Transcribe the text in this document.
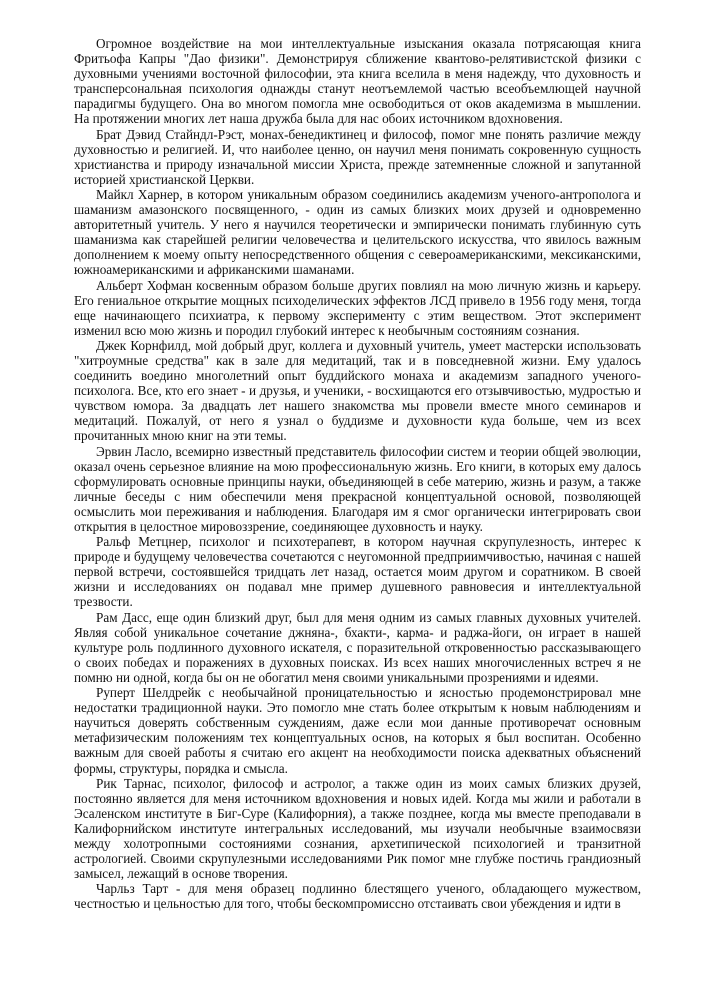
Огромное воздействие на мои интеллектуальные изыскания оказала потрясающая книга Фритьофа Капры "Дао физики". Демонстрируя сближение квантово-релятивистской физики с духовными учениями восточной философии, эта книга вселила в меня надежду, что духовность и трансперсональная психология однажды станут неотъемлемой частью всеобъемлющей научной парадигмы будущего. Она во многом помогла мне освободиться от оков академизма в мышлении. На протяжении многих лет наша дружба была для нас обоих источником вдохновения.

Брат Дэвид Стайндл-Рэст, монах-бенедиктинец и философ, помог мне понять различие между духовностью и религией. И, что наиболее ценно, он научил меня понимать сокровенную сущность христианства и природу изначальной миссии Христа, прежде затемненные сложной и запутанной историей христианской Церкви.

Майкл Харнер, в котором уникальным образом соединились академизм ученого-антрополога и шаманизм амазонского посвященного, - один из самых близких моих друзей и одновременно авторитетный учитель. У него я научился теоретически и эмпирически понимать глубинную суть шаманизма как старейшей религии человечества и целительского искусства, что явилось важным дополнением к моему опыту непосредственного общения с североамериканскими, мексиканскими, южноамериканскими и африканскими шаманами.

Альберт Хофман косвенным образом больше других повлиял на мою личную жизнь и карьеру. Его гениальное открытие мощных психоделических эффектов ЛСД привело в 1956 году меня, тогда еще начинающего психиатра, к первому эксперименту с этим веществом. Этот эксперимент изменил всю мою жизнь и породил глубокий интерес к необычным состояниям сознания.

Джек Корнфилд, мой добрый друг, коллега и духовный учитель, умеет мастерски использовать "хитроумные средства" как в зале для медитаций, так и в повседневной жизни. Ему удалось соединить воедино многолетний опыт буддийского монаха и академизм западного ученого-психолога. Все, кто его знает - и друзья, и ученики, - восхищаются его отзывчивостью, мудростью и чувством юмора. За двадцать лет нашего знакомства мы провели вместе много семинаров и медитаций. Пожалуй, от него я узнал о буддизме и духовности куда больше, чем из всех прочитанных мною книг на эти темы.

Эрвин Ласло, всемирно известный представитель философии систем и теории общей эволюции, оказал очень серьезное влияние на мою профессиональную жизнь. Его книги, в которых ему далось сформулировать основные принципы науки, объединяющей в себе материю, жизнь и разум, а также личные беседы с ним обеспечили меня прекрасной концептуальной основой, позволяющей осмыслить мои переживания и наблюдения. Благодаря им я смог органически интегрировать свои открытия в целостное мировоззрение, соединяющее духовность и науку.

Ральф Метцнер, психолог и психотерапевт, в котором научная скрупулезность, интерес к природе и будущему человечества сочетаются с неугомонной предприимчивостью, начиная с нашей первой встречи, состоявшейся тридцать лет назад, остается моим другом и соратником. В своей жизни и исследованиях он подавал мне пример душевного равновесия и интеллектуальной трезвости.

Рам Дасс, еще один близкий друг, был для меня одним из самых главных духовных учителей. Являя собой уникальное сочетание джняна-, бхакти-, карма- и раджа-йоги, он играет в нашей культуре роль подлинного духовного искателя, с поразительной откровенностью рассказывающего о своих победах и поражениях в духовных поисках. Из всех наших многочисленных встреч я не помню ни одной, когда бы он не обогатил меня своими уникальными прозрениями и идеями.

Руперт Шелдрейк с необычайной проницательностью и ясностью продемонстрировал мне недостатки традиционной науки. Это помогло мне стать более открытым к новым наблюдениям и научиться доверять собственным суждениям, даже если мои данные противоречат основным метафизическим положениям тех концептуальных основ, на которых я был воспитан. Особенно важным для своей работы я считаю его акцент на необходимости поиска адекватных объяснений формы, структуры, порядка и смысла.

Рик Тарнас, психолог, философ и астролог, а также один из моих самых близких друзей, постоянно является для меня источником вдохновения и новых идей. Когда мы жили и работали в Эсаленском институте в Биг-Суре (Калифорния), а также позднее, когда мы вместе преподавали в Калифорнийском институте интегральных исследований, мы изучали необычные взаимосвязи между холотропными состояниями сознания, архетипической психологией и транзитной астрологией. Своими скрупулезными исследованиями Рик помог мне глубже постичь грандиозный замысел, лежащий в основе творения.

Чарльз Тарт - для меня образец подлинно блестящего ученого, обладающего мужеством, честностью и цельностью для того, чтобы бескомпромиссно отстаивать свои убеждения и идти в
